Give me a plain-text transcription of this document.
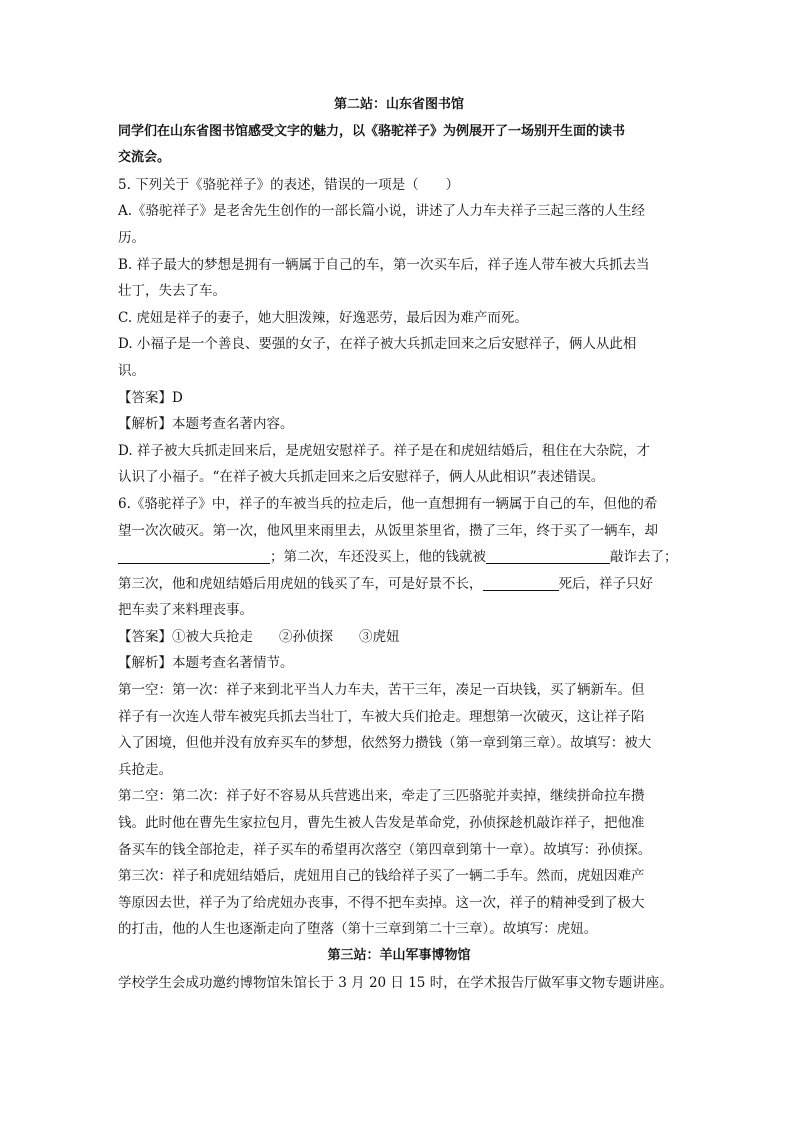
第二站：山东省图书馆
同学们在山东省图书馆感受文字的魅力，以《骆驼祥子》为例展开了一场别开生面的读书
交流会。
5. 下列关于《骆驼祥子》的表述，错误的一项是（　　）
A.《骆驼祥子》是老舍先生创作的一部长篇小说，讲述了人力车夫祥子三起三落的人生经
历。
B. 祥子最大的梦想是拥有一辆属于自己的车，第一次买车后，祥子连人带车被大兵抓去当
壮丁，失去了车。
C. 虎妞是祥子的妻子，她大胆泼辣，好逸恶劳，最后因为难产而死。
D. 小福子是一个善良、要强的女子，在祥子被大兵抓走回来之后安慰祥子，俩人从此相
识。
【答案】D
【解析】本题考查名著内容。
D. 祥子被大兵抓走回来后，是虎妞安慰祥子。祥子是在和虎妞结婚后，租住在大杂院，才
认识了小福子。“在祥子被大兵抓走回来之后安慰祥子，俩人从此相识”表述错误。
6.《骆驼祥子》中，祥子的车被当兵的拉走后，他一直想拥有一辆属于自己的车，但他的希
望一次次破灭。第一次，他风里来雨里去，从饭里茶里省，攒了三年，终于买了一辆车，却
；第二次，车还没买上，他的钱就被	敲诈去了；
第三次，他和虎妞结婚后用虎妞的钱买了车，可是好景不长，	死后，祥子只好
把车卖了来料理丧事。
【答案】①被大兵抢走 ②孙侦探 ③虎妞
【解析】本题考查名著情节。
第一空：第一次：祥子来到北平当人力车夫，苦干三年，凑足一百块钱，买了辆新车。但
祥子有一次连人带车被宪兵抓去当壮丁，车被大兵们抢走。理想第一次破灭，这让祥子陷
入了困境，但他并没有放弃买车的梦想，依然努力攒钱（第一章到第三章）。故填写：被大
兵抢走。
第二空：第二次：祥子好不容易从兵营逃出来，牵走了三匹骆驼并卖掉，继续拼命拉车攒
钱。此时他在曹先生家拉包月，曹先生被人告发是革命党，孙侦探趁机敲诈祥子，把他准
备买车的钱全部抢走，祥子买车的希望再次落空（第四章到第十一章）。故填写：孙侦探。
第三次：祥子和虎妞结婚后，虎妞用自己的钱给祥子买了一辆二手车。然而，虎妞因难产
等原因去世，祥子为了给虎妞办丧事，不得不把车卖掉。这一次，祥子的精神受到了极大
的打击，他的人生也逐渐走向了堕落（第十三章到第二十三章）。故填写：虎妞。
第三站：羊山军事博物馆
学校学生会成功邀约博物馆朱馆长于 3 月 20 日 15 时，在学术报告厅做军事文物专题讲座。
